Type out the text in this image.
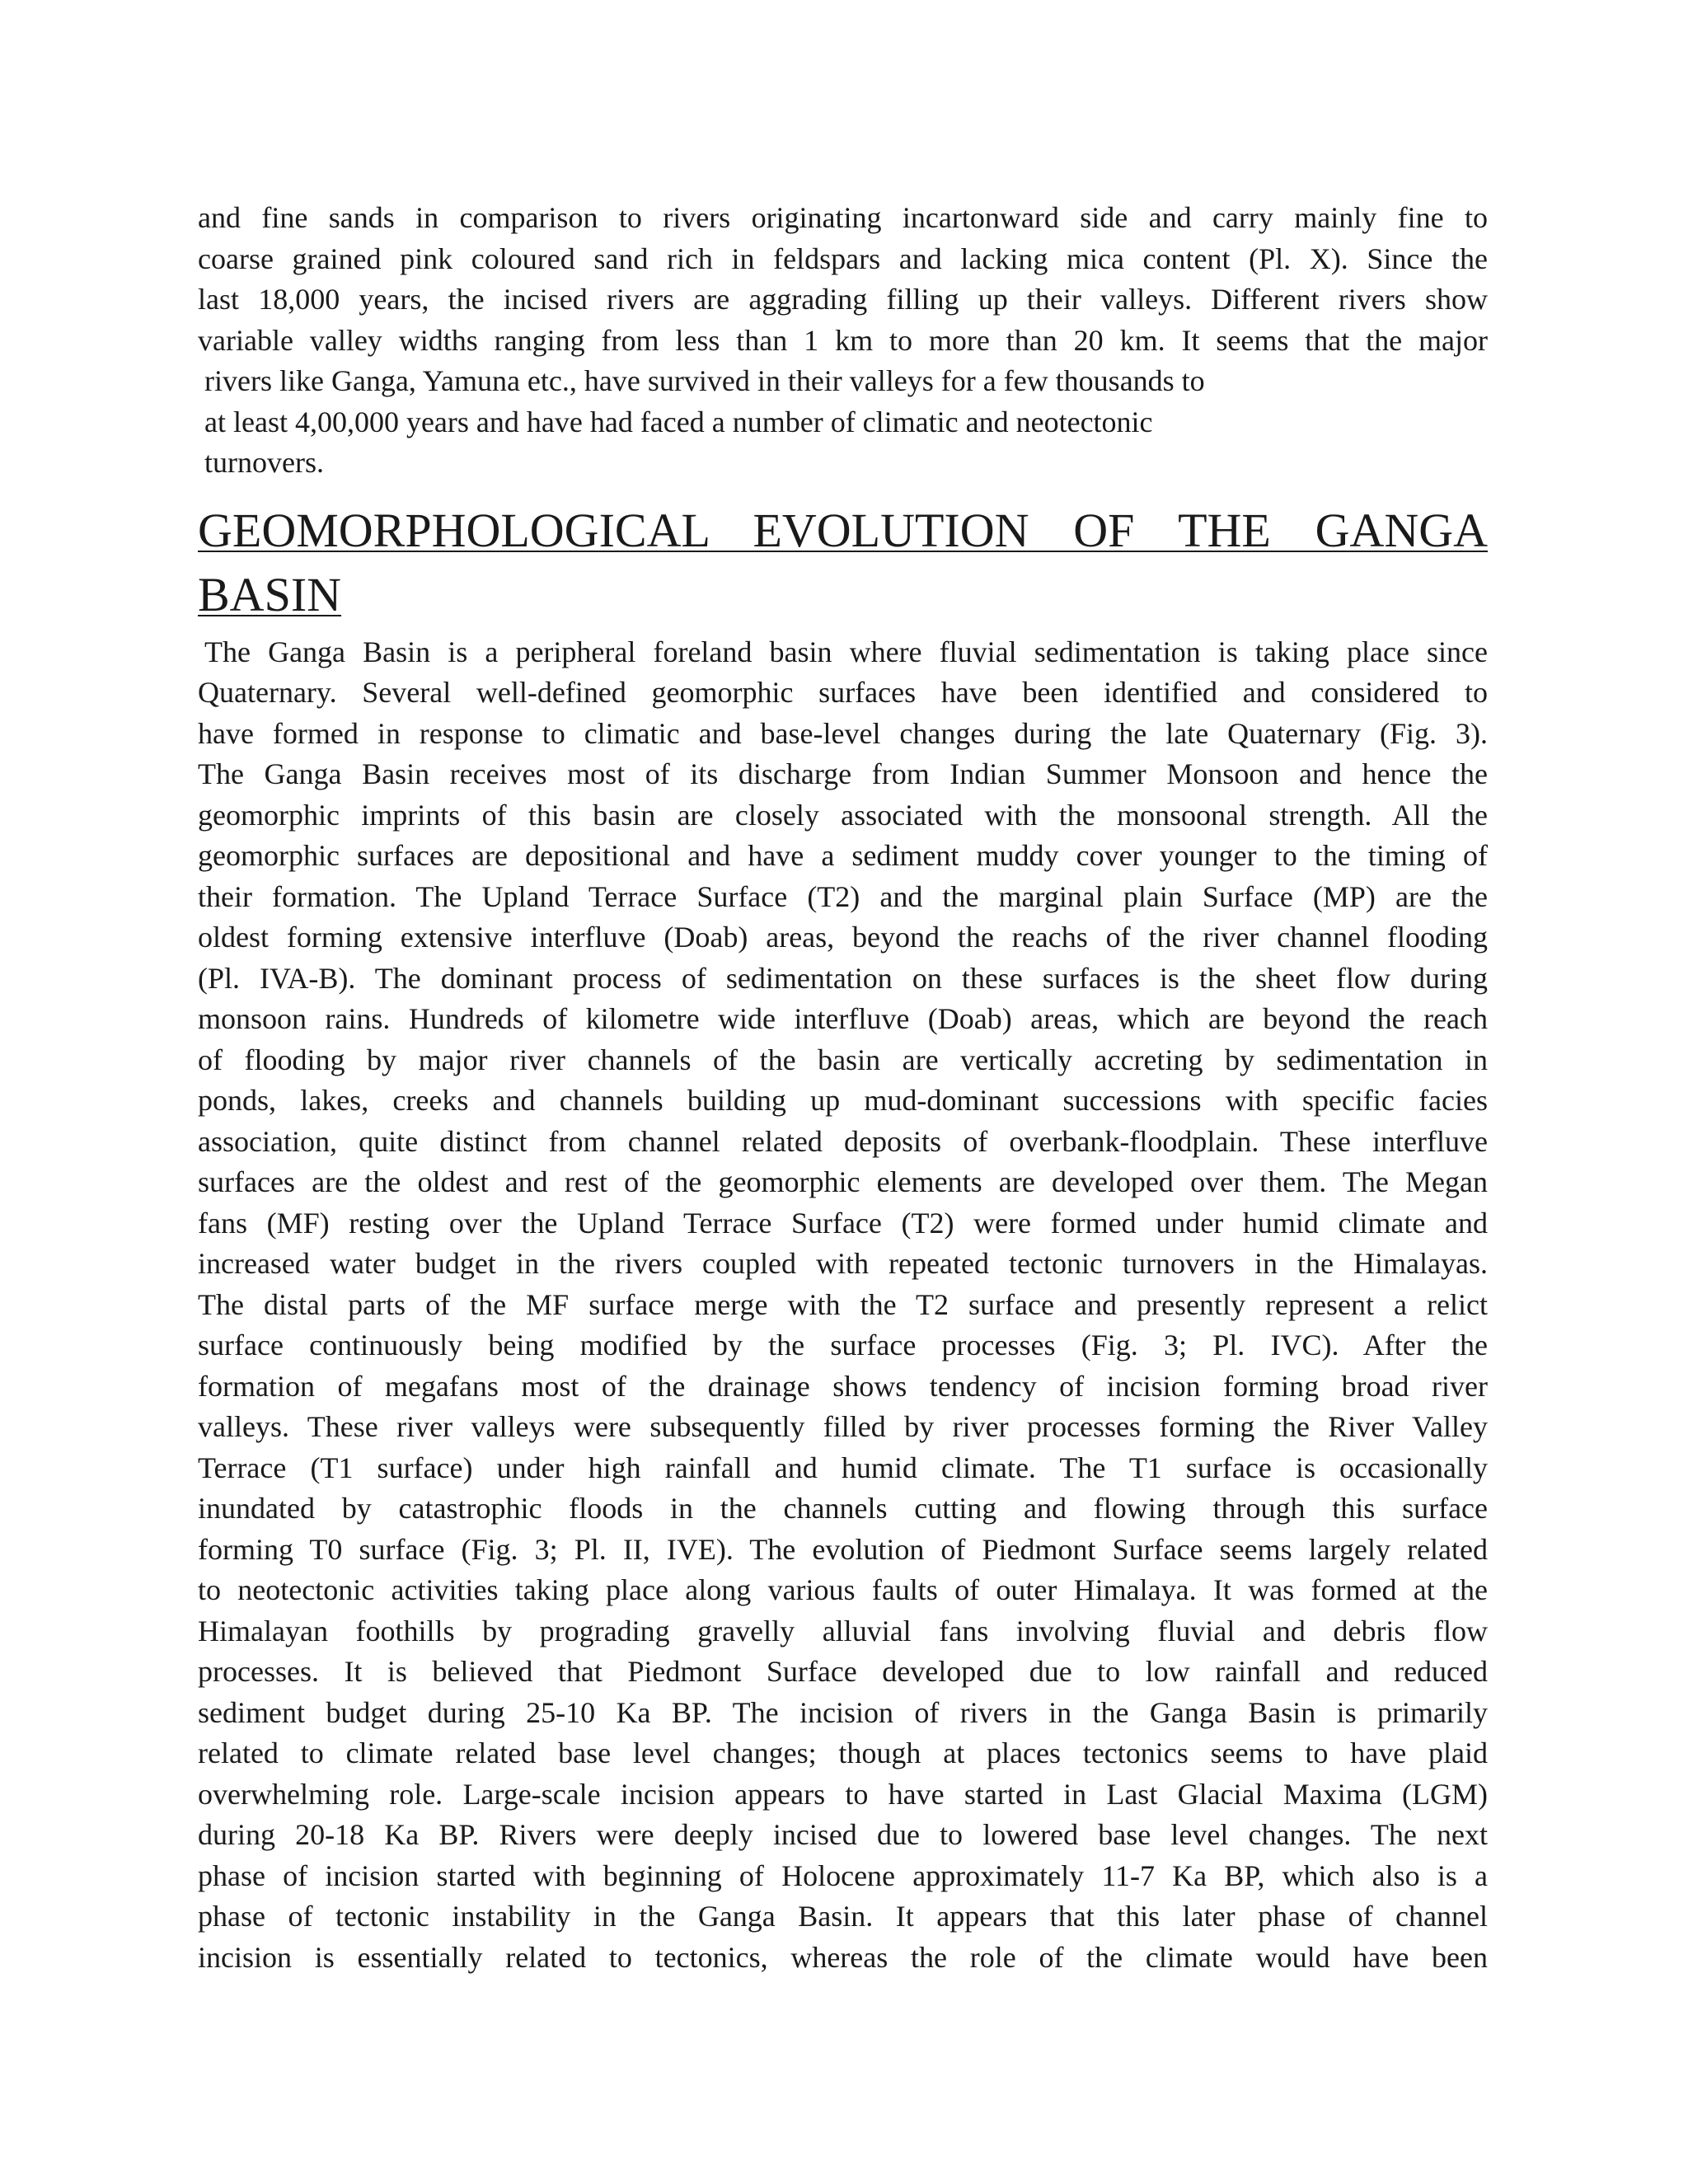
and fine sands in comparison to rivers originating incartonward side and carry mainly fine to
coarse grained pink coloured sand rich in feldspars and lacking mica content (Pl. X). Since the
last 18,000 years, the incised rivers are aggrading filling up their valleys. Different rivers show
variable valley widths ranging from less than 1 km to more than 20 km. It seems that the major
rivers like Ganga, Yamuna etc., have survived in their valleys for a few thousands to
at least 4,00,000 years and have had faced a number of climatic and neotectonic
turnovers.

GEOMORPHOLOGICAL EVOLUTION OF THE GANGA
BASIN

The Ganga Basin is a peripheral foreland basin where fluvial sedimentation is taking place since
Quaternary. Several well-defined geomorphic surfaces have been identified and considered to
have formed in response to climatic and base-level changes during the late Quaternary (Fig. 3).
The Ganga Basin receives most of its discharge from Indian Summer Monsoon and hence the
geomorphic imprints of this basin are closely associated with the monsoonal strength. All the
geomorphic surfaces are depositional and have a sediment muddy cover younger to the timing of
their formation. The Upland Terrace Surface (T2) and the marginal plain Surface (MP) are the
oldest forming extensive interfluve (Doab) areas, beyond the reachs of the river channel flooding
(Pl. IVA-B). The dominant process of sedimentation on these surfaces is the sheet flow during
monsoon rains. Hundreds of kilometre wide interfluve (Doab) areas, which are beyond the reach
of flooding by major river channels of the basin are vertically accreting by sedimentation in
ponds, lakes, creeks and channels building up mud-dominant successions with specific facies
association, quite distinct from channel related deposits of overbank-floodplain. These interfluve
surfaces are the oldest and rest of the geomorphic elements are developed over them. The Megan
fans (MF) resting over the Upland Terrace Surface (T2) were formed under humid climate and
increased water budget in the rivers coupled with repeated tectonic turnovers in the Himalayas.
The distal parts of the MF surface merge with the T2 surface and presently represent a relict
surface continuously being modified by the surface processes (Fig. 3; Pl. IVC). After the
formation of megafans most of the drainage shows tendency of incision forming broad river
valleys. These river valleys were subsequently filled by river processes forming the River Valley
Terrace (T1 surface) under high rainfall and humid climate. The T1 surface is occasionally
inundated by catastrophic floods in the channels cutting and flowing through this surface
forming T0 surface (Fig. 3; Pl. II, IVE). The evolution of Piedmont Surface seems largely related
to neotectonic activities taking place along various faults of outer Himalaya. It was formed at the
Himalayan foothills by prograding gravelly alluvial fans involving fluvial and debris flow
processes. It is believed that Piedmont Surface developed due to low rainfall and reduced
sediment budget during 25-10 Ka BP. The incision of rivers in the Ganga Basin is primarily
related to climate related base level changes; though at places tectonics seems to have plaid
overwhelming role. Large-scale incision appears to have started in Last Glacial Maxima (LGM)
during 20-18 Ka BP. Rivers were deeply incised due to lowered base level changes. The next
phase of incision started with beginning of Holocene approximately 11-7 Ka BP, which also is a
phase of tectonic instability in the Ganga Basin. It appears that this later phase of channel
incision is essentially related to tectonics, whereas the role of the climate would have been
